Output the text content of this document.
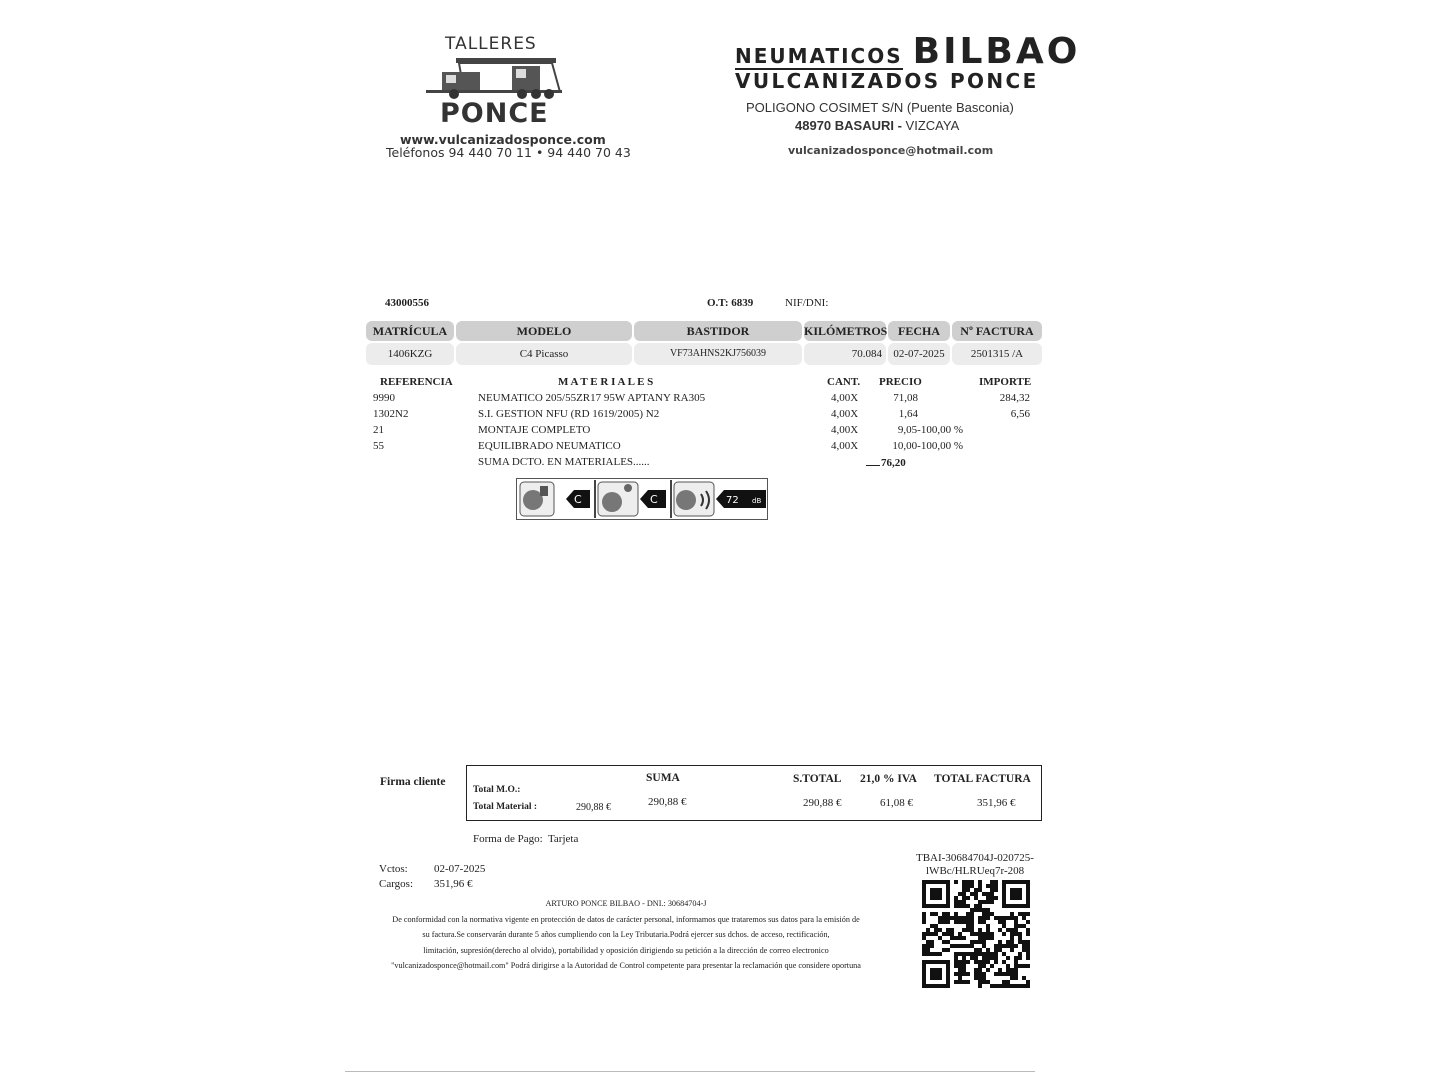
TALLERES
PONCE
www.vulcanizadosponce.com
Teléfonos 94 440 70 11 • 94 440 70 43
NEUMATICOS BILBAO
VULCANIZADOS PONCE
POLIGONO COSIMET S/N (Puente Basconia)
48970 BASAURI - VIZCAYA
vulcanizadosponce@hotmail.com
43000556	O.T: 6839	NIF/DNI:
MATRÍCULA	MODELO	BASTIDOR	KILÓMETROS FECHA	Nº FACTURA
1406KZG	C4 Picasso	VF73AHNS2KJ756039	70.084	02-07-2025	2501315 /A
REFERENCIA	M A T E R I A L E S	CANT. PRECIO	IMPORTE
9990	NEUMATICO 205/55ZR17 95W APTANY RA305	4,00X	71,08	284,32
1302N2	S.I. GESTION NFU (RD 1619/2005) N2	4,00X	1,64	6,56
21	MONTAJE COMPLETO	4,00X	9,05-100,00 %
55	EQUILIBRADO NEUMATICO	4,00X	10,00-100,00 %
SUMA DCTO. EN MATERIALES......	76,20
C	C	72 dB
Firma cliente
Total M.O.:
Total Material :	290,88 €
SUMA
290,88 €
S.TOTAL
290,88 €
21,0 % IVA
61,08 €
TOTAL FACTURA
351,96 €
Forma de Pago:  Tarjeta
Vctos: 02-07-2025
Cargos: 351,96 €
TBAI-30684704J-020725-
lWBc/HLRUeq7r-208
ARTURO PONCE BILBAO - DNI.: 30684704-J
De conformidad con la normativa vigente en protección de datos de carácter personal, informamos que trataremos sus datos para la emisión de
su factura.Se conservarán durante 5 años cumpliendo con la Ley Tributaria.Podrá ejercer sus dchos. de acceso, rectificación,
limitación, supresión(derecho al olvido), portabilidad y oposición dirigiendo su petición a la dirección de correo electronico
"vulcanizadosponce@hotmail.com" Podrá dirigirse a la Autoridad de Control competente para presentar la reclamación que considere oportuna
